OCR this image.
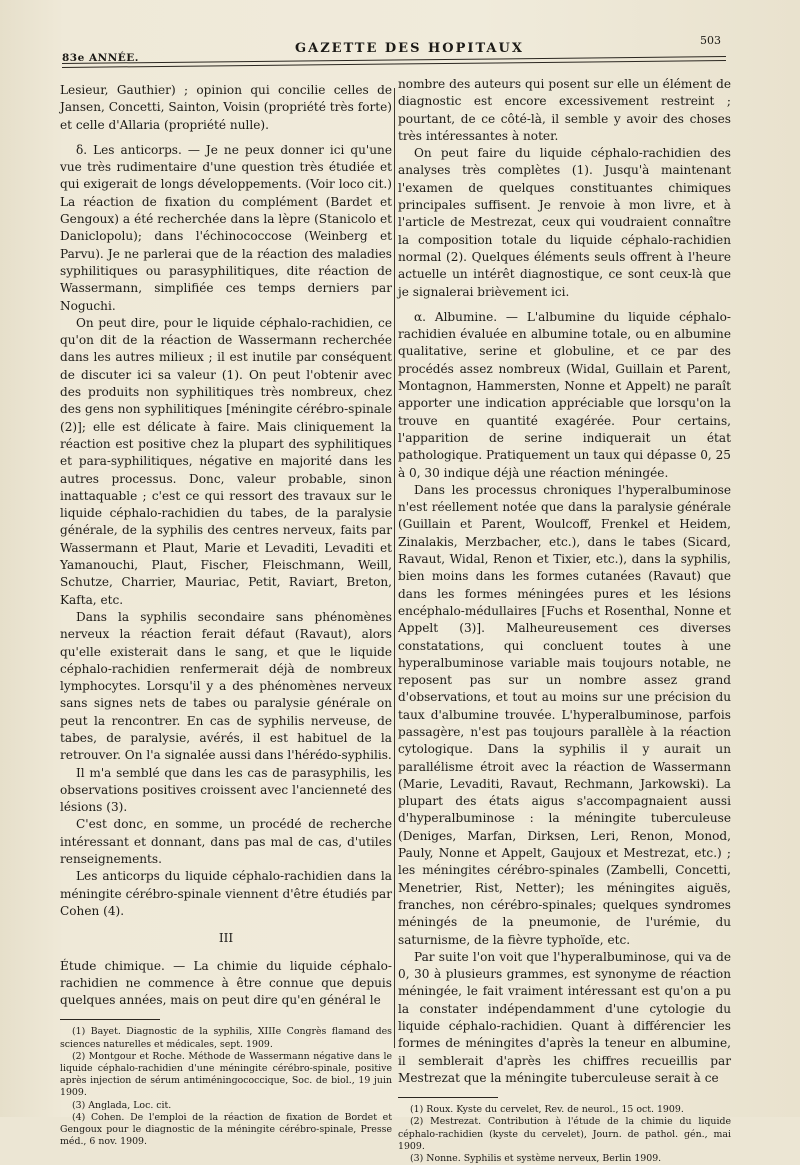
83e ANNÉE.
GAZETTE DES HOPITAUX
503

Lesieur, Gauthier) ; opinion qui concilie celles de Jansen, Concetti, Sainton, Voisin (propriété très forte) et celle d'Allaria (propriété nulle).

δ. Les anticorps. — Je ne peux donner ici qu'une vue très rudimentaire d'une question très étudiée et qui exigerait de longs développements. (Voir loco cit.) La réaction de fixation du complément (Bardet et Gengoux) a été recherchée dans la lèpre (Stanicolo et Daniclopolu); dans l'échinococcose (Weinberg et Parvu). Je ne parlerai que de la réaction des maladies syphilitiques ou parasyphilitiques, dite réaction de Wassermann, simplifiée ces temps derniers par Noguchi.

On peut dire, pour le liquide céphalo-rachidien, ce qu'on dit de la réaction de Wassermann recherchée dans les autres milieux ; il est inutile par conséquent de discuter ici sa valeur (1). On peut l'obtenir avec des produits non syphilitiques très nombreux, chez des gens non syphilitiques [méningite cérébro-spinale (2)]; elle est délicate à faire. Mais cliniquement la réaction est positive chez la plupart des syphilitiques et para-syphilitiques, négative en majorité dans les autres processus. Donc, valeur probable, sinon inattaquable ; c'est ce qui ressort des travaux sur le liquide céphalo-rachidien du tabes, de la paralysie générale, de la syphilis des centres nerveux, faits par Wassermann et Plaut, Marie et Levaditi, Levaditi et Yamanouchi, Plaut, Fischer, Fleischmann, Weill, Schutze, Charrier, Mauriac, Petit, Raviart, Breton, Kafta, etc.

Dans la syphilis secondaire sans phénomènes nerveux la réaction ferait défaut (Ravaut), alors qu'elle existerait dans le sang, et que le liquide céphalo-rachidien renfermerait déjà de nombreux lymphocytes. Lorsqu'il y a des phénomènes nerveux sans signes nets de tabes ou paralysie générale on peut la rencontrer. En cas de syphilis nerveuse, de tabes, de paralysie, avérés, il est habituel de la retrouver. On l'a signalée aussi dans l'hérédo-syphilis.

Il m'a semblé que dans les cas de parasyphilis, les observations positives croissent avec l'ancienneté des lésions (3).

C'est donc, en somme, un procédé de recherche intéressant et donnant, dans pas mal de cas, d'utiles renseignements.

Les anticorps du liquide céphalo-rachidien dans la méningite cérébro-spinale viennent d'être étudiés par Cohen (4).

III

Étude chimique. — La chimie du liquide céphalo-rachidien ne commence à être connue que depuis quelques années, mais on peut dire qu'en général le

(1) Bayet. Diagnostic de la syphilis, XIIIe Congrès flamand des sciences naturelles et médicales, sept. 1909.

(2) Montgour et Roche. Méthode de Wassermann négative dans le liquide céphalo-rachidien d'une méningite cérébro-spinale, positive après injection de sérum antiméningococcique, Soc. de biol., 19 juin 1909.

(3) Anglada, Loc. cit.

(4) Cohen. De l'emploi de la réaction de fixation de Bordet et Gengoux pour le diagnostic de la méningite cérébro-spinale, Presse méd., 6 nov. 1909.

nombre des auteurs qui posent sur elle un élément de diagnostic est encore excessivement restreint ; pourtant, de ce côté-là, il semble y avoir des choses très intéressantes à noter.

On peut faire du liquide céphalo-rachidien des analyses très complètes (1). Jusqu'à maintenant l'examen de quelques constituantes chimiques principales suffisent. Je renvoie à mon livre, et à l'article de Mestrezat, ceux qui voudraient connaître la composition totale du liquide céphalo-rachidien normal (2). Quelques éléments seuls offrent à l'heure actuelle un intérêt diagnostique, ce sont ceux-là que je signalerai brièvement ici.

α. Albumine. — L'albumine du liquide céphalo-rachidien évaluée en albumine totale, ou en albumine qualitative, serine et globuline, et ce par des procédés assez nombreux (Widal, Guillain et Parent, Montagnon, Hammersten, Nonne et Appelt) ne paraît apporter une indication appréciable que lorsqu'on la trouve en quantité exagérée. Pour certains, l'apparition de serine indiquerait un état pathologique. Pratiquement un taux qui dépasse 0, 25 à 0, 30 indique déjà une réaction méningée.

Dans les processus chroniques l'hyperalbuminose n'est réellement notée que dans la paralysie générale (Guillain et Parent, Woulcoff, Frenkel et Heidem, Zinalakis, Merzbacher, etc.), dans le tabes (Sicard, Ravaut, Widal, Renon et Tixier, etc.), dans la syphilis, bien moins dans les formes cutanées (Ravaut) que dans les formes méningées pures et les lésions encéphalo-médullaires [Fuchs et Rosenthal, Nonne et Appelt (3)]. Malheureusement ces diverses constatations, qui concluent toutes à une hyperalbuminose variable mais toujours notable, ne reposent pas sur un nombre assez grand d'observations, et tout au moins sur une précision du taux d'albumine trouvée. L'hyperalbuminose, parfois passagère, n'est pas toujours parallèle à la réaction cytologique. Dans la syphilis il y aurait un parallélisme étroit avec la réaction de Wassermann (Marie, Levaditi, Ravaut, Rechmann, Jarkowski). La plupart des états aigus s'accompagnaient aussi d'hyperalbuminose : la méningite tuberculeuse (Deniges, Marfan, Dirksen, Leri, Renon, Monod, Pauly, Nonne et Appelt, Gaujoux et Mestrezat, etc.) ; les méningites cérébro-spinales (Zambelli, Concetti, Menetrier, Rist, Netter); les méningites aiguës, franches, non cérébro-spinales; quelques syndromes méningés de la pneumonie, de l'urémie, du saturnisme, de la fièvre typhoïde, etc.

Par suite l'on voit que l'hyperalbuminose, qui va de 0, 30 à plusieurs grammes, est synonyme de réaction méningée, le fait vraiment intéressant est qu'on a pu la constater indépendamment d'une cytologie du liquide céphalo-rachidien. Quant à différencier les formes de méningites d'après la teneur en albumine, il semblerait d'après les chiffres recueillis par Mestrezat que la méningite tuberculeuse serait à ce

(1) Roux. Kyste du cervelet, Rev. de neurol., 15 oct. 1909.

(2) Mestrezat. Contribution à l'étude de la chimie du liquide céphalo-rachidien (kyste du cervelet), Journ. de pathol. gén., mai 1909.

(3) Nonne. Syphilis et système nerveux, Berlin 1909.
